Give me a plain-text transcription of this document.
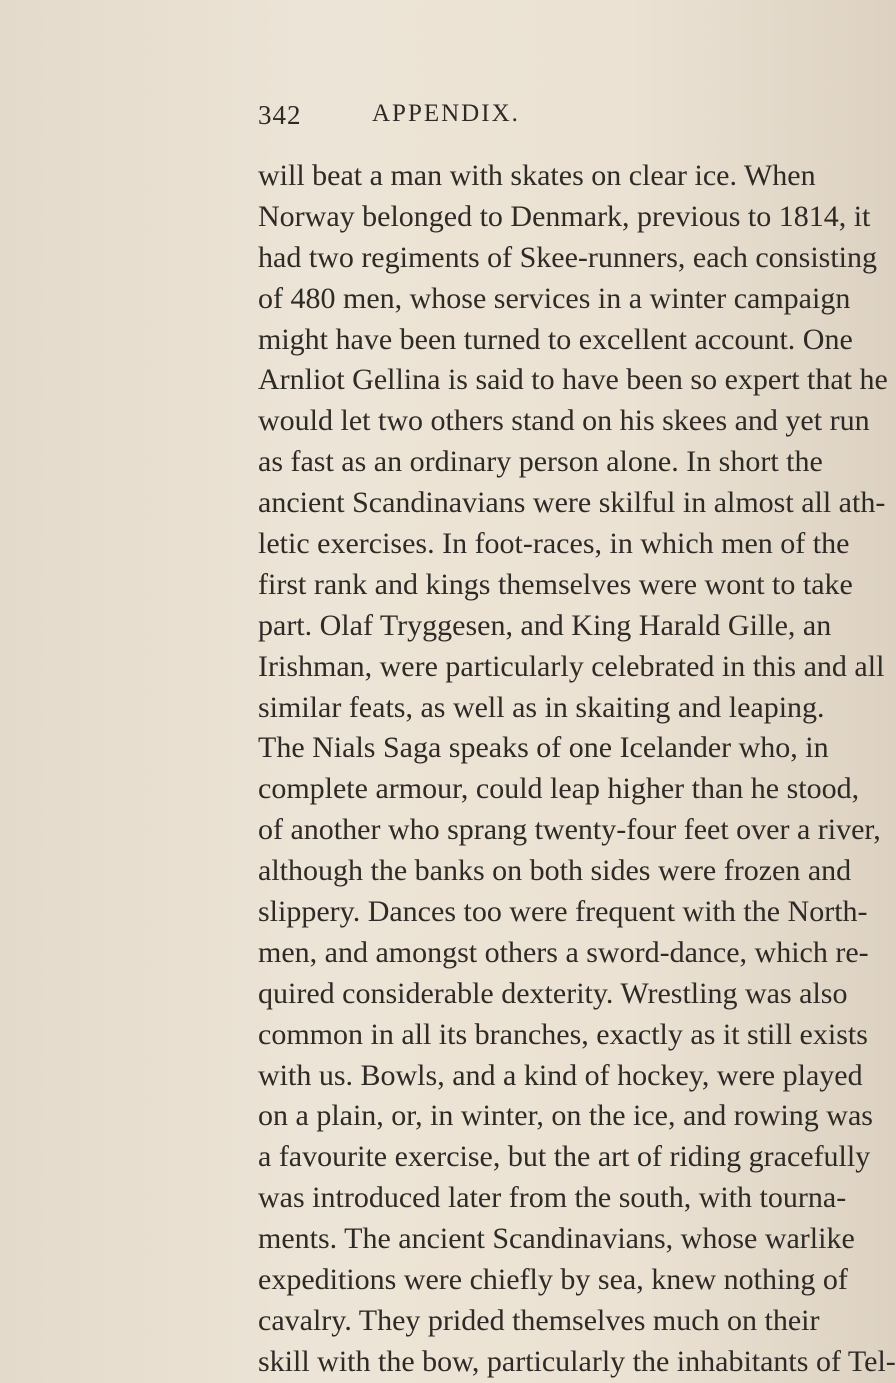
342	APPENDIX.
will beat a man with skates on clear ice. When
Norway belonged to Denmark, previous to 1814, it
had two regiments of Skee-runners, each consisting
of 480 men, whose services in a winter campaign
might have been turned to excellent account. One
Arnliot Gellina is said to have been so expert that he
would let two others stand on his skees and yet run
as fast as an ordinary person alone. In short the
ancient Scandinavians were skilful in almost all ath-
letic exercises. In foot-races, in which men of the
first rank and kings themselves were wont to take
part. Olaf Tryggesen, and King Harald Gille, an
Irishman, were particularly celebrated in this and all
similar feats, as well as in skaiting and leaping.
The Nials Saga speaks of one Icelander who, in
complete armour, could leap higher than he stood,
of another who sprang twenty-four feet over a river,
although the banks on both sides were frozen and
slippery. Dances too were frequent with the North-
men, and amongst others a sword-dance, which re-
quired considerable dexterity. Wrestling was also
common in all its branches, exactly as it still exists
with us. Bowls, and a kind of hockey, were played
on a plain, or, in winter, on the ice, and rowing was
a favourite exercise, but the art of riding gracefully
was introduced later from the south, with tourna-
ments. The ancient Scandinavians, whose warlike
expeditions were chiefly by sea, knew nothing of
cavalry. They prided themselves much on their
skill with the bow, particularly the inhabitants of Tel-
